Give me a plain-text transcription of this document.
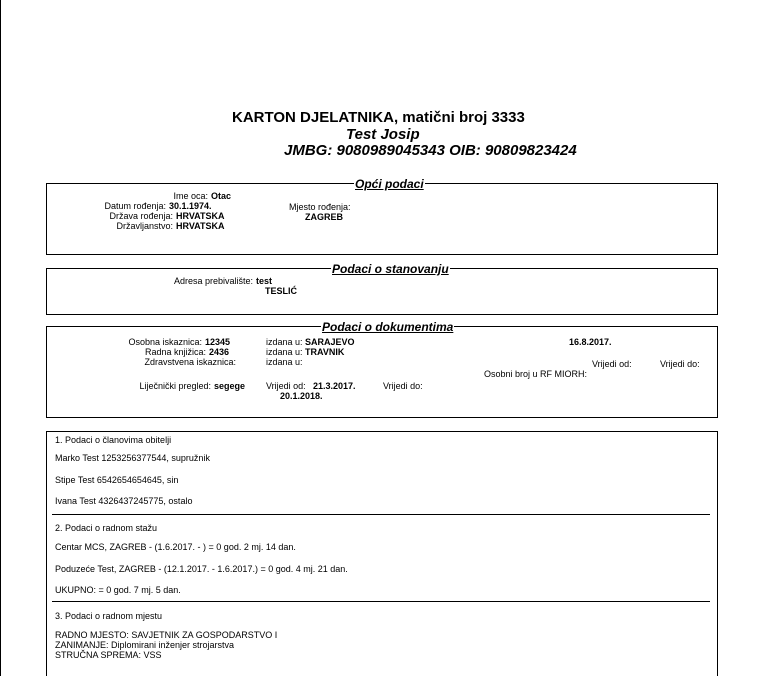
KARTON DJELATNIKA, matični broj 3333
Test Josip
JMBG: 9080989045343 OIB: 90809823424
Opći podaci
Ime oca: Otac
Datum rođenja: 30.1.1974.
Država rođenja: HRVATSKA
Državljanstvo: HRVATSKA
Mjesto rođenja:
ZAGREB
Podaci o stanovanju
Adresa prebivalište: test
TESLIĆ
Podaci o dokumentima
Osobna iskaznica: 12345
Radna knjižica: 2436
Zdravstvena iskaznica:
izdana u: SARAJEVO
izdana u: TRAVNIK
izdana u:
16.8.2017.
Vrijedi od:	Vrijedi do:
Osobni broj u RF MIORH:
Liječnički pregled: segege Vrijedi od: 21.3.2017.	Vrijedi do:
20.1.2018.
1. Podaci o članovima obitelji
Marko Test 1253256377544, supružnik
Stipe Test 6542654654645, sin
Ivana Test 4326437245775, ostalo
2. Podaci o radnom stažu
Centar MCS, ZAGREB - (1.6.2017. - ) = 0 god. 2 mj. 14 dan.
Poduzeće Test, ZAGREB - (12.1.2017. - 1.6.2017.) = 0 god. 4 mj. 21 dan.
UKUPNO: = 0 god. 7 mj. 5 dan.
3. Podaci o radnom mjestu
RADNO MJESTO: SAVJETNIK ZA GOSPODARSTVO I
ZANIMANJE: Diplomirani inženjer strojarstva
STRUČNA SPREMA: VSS
